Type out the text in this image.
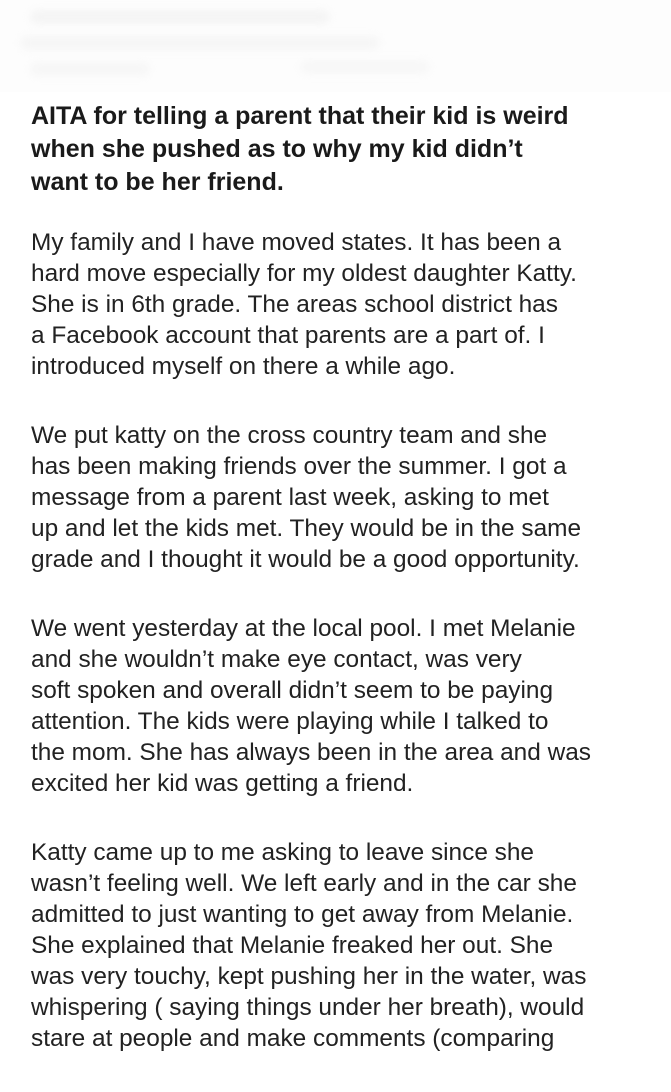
AITA for telling a parent that their kid is weird
when she pushed as to why my kid didn’t
want to be her friend.

My family and I have moved states. It has been a
hard move especially for my oldest daughter Katty.
She is in 6th grade. The areas school district has
a Facebook account that parents are a part of. I
introduced myself on there a while ago.

We put katty on the cross country team and she
has been making friends over the summer. I got a
message from a parent last week, asking to met
up and let the kids met. They would be in the same
grade and I thought it would be a good opportunity.

We went yesterday at the local pool. I met Melanie
and she wouldn’t make eye contact, was very
soft spoken and overall didn’t seem to be paying
attention. The kids were playing while I talked to
the mom. She has always been in the area and was
excited her kid was getting a friend.

Katty came up to me asking to leave since she
wasn’t feeling well. We left early and in the car she
admitted to just wanting to get away from Melanie.
She explained that Melanie freaked her out. She
was very touchy, kept pushing her in the water, was
whispering ( saying things under her breath), would
stare at people and make comments (comparing
